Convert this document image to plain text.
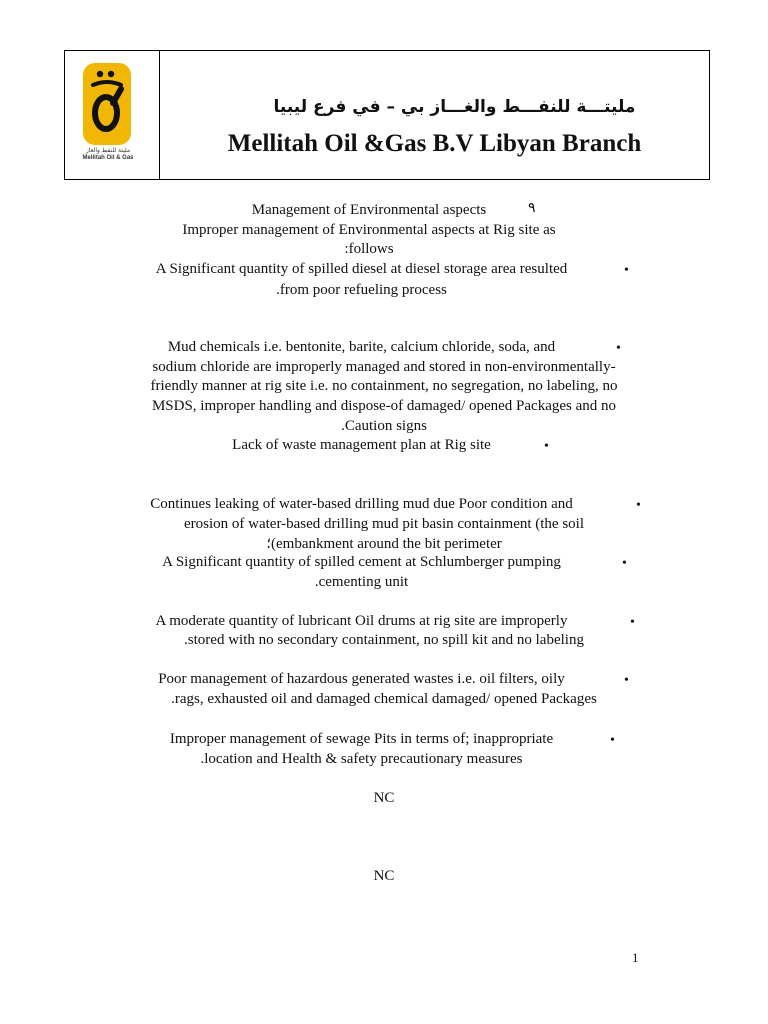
مليتة للنفط والغاز
Mellitah Oil & Gas
مليتـــة للنفـــط والغـــاز بي – في فرع ليبيا
Mellitah Oil &Gas B.V Libyan Branch
Management of Environmental aspects	٩
Improper management of Environmental aspects at Rig site as
:follows
A Significant quantity of spilled diesel at diesel storage area resulted
.from poor refueling process
•
Mud chemicals i.e. bentonite, barite, calcium chloride, soda, and
sodium chloride are improperly managed and stored in non-environmentally-
friendly manner at rig site i.e. no containment, no segregation, no labeling, no
MSDS, improper handling and dispose-of damaged/ opened Packages and no
.Caution signs
•
Lack of waste management plan at Rig site	•
Continues leaking of water-based drilling mud due Poor condition and
erosion of water-based drilling mud pit basin containment (the soil
؛(embankment around the bit perimeter
•
A Significant quantity of spilled cement at Schlumberger pumping
.cementing unit
•
A moderate quantity of lubricant Oil drums at rig site are improperly
.stored with no secondary containment, no spill kit and no labeling
•
Poor management of hazardous generated wastes i.e. oil filters, oily
.rags, exhausted oil and damaged chemical damaged/ opened Packages
•
Improper management of sewage Pits in terms of; inappropriate
.location and Health & safety precautionary measures
•
NC
NC
1
